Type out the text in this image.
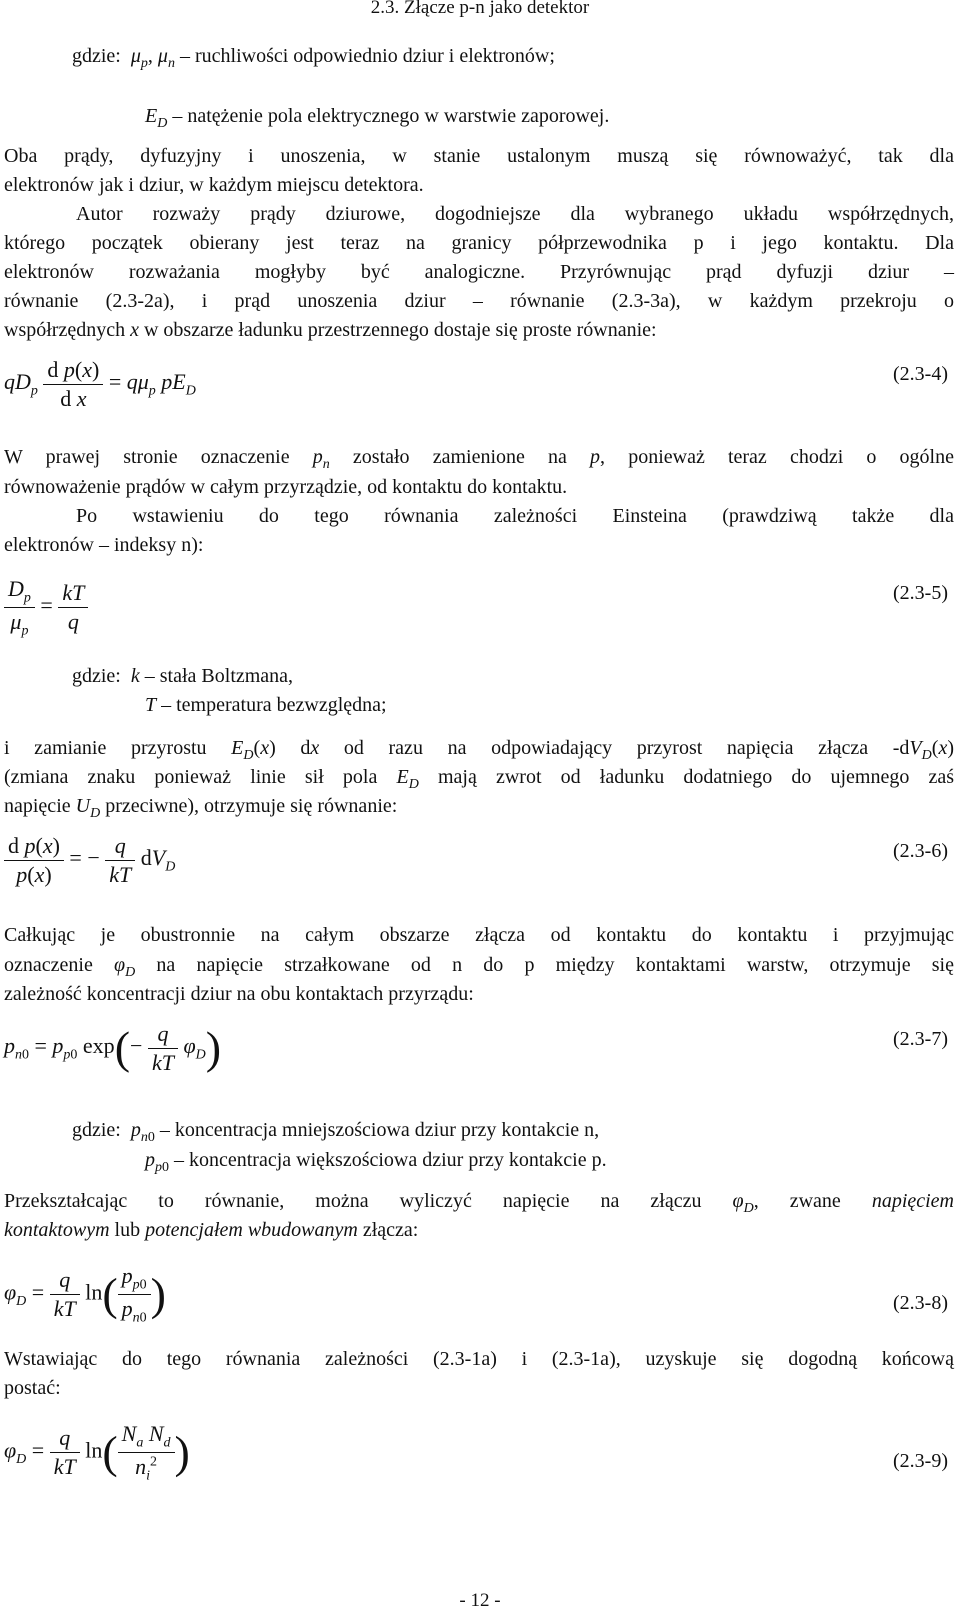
2.3. Złącze p-n jako detektor
gdzie:  $\mu_p$, $\mu_n$ – ruchliwości odpowiednio dziur i elektronów;
$E_D$ – natężenie pola elektrycznego w warstwie zaporowej.
Oba prądy, dyfuzyjny i unoszenia, w stanie ustalonym muszą się równoważyć, tak dla
elektronów jak i dziur, w każdym miejscu detektora.
Autor rozważy prądy dziurowe, dogodniejsze dla wybranego układu współrzędnych,
którego początek obierany jest teraz na granicy półprzewodnika p i jego kontaktu. Dla
elektronów rozważania mogłyby być analogiczne. Przyrównując prąd dyfuzji dziur –
równanie (2.3-2a), i prąd unoszenia dziur – równanie (2.3-3a), w każdym przekroju o
współrzędnych x w obszarze ładunku przestrzennego dostaje się proste równanie:
$qD_p \frac{\text{d p(x)}}{\text{d x}} = q\mu_p$ $pE_D$
(2.3-4)
W prawej stronie oznaczenie $p_n$ zostało zamienione na p, ponieważ teraz chodzi o ogólne
równoważenie prądów w całym przyrządzie, od kontaktu do kontaktu.
Po wstawieniu do tego równania zależności Einsteina (prawdziwą także dla
elektronów – indeksy n):
$\frac{D_p}{\mu_p} = \frac{kT}{q}$	(2.3-5)
gdzie:  k – stała Boltzmana,
T – temperatura bezwzględna;
i zamianie przyrostu $E_D(x)$ dx od razu na odpowiadający przyrost napięcia złącza $-dV_D(x)$
(zmiana znaku ponieważ linie sił pola $E_D$ mają zwrot od ładunku dodatniego do ujemnego zaś
napięcie $U_D$ przeciwne), otrzymuje się równanie:
$\frac{\text{d p(x)}}{p(x)}$ = − $\frac{q}{kT} dV_D$
(2.3-6)
Całkując je obustronnie na całym obszarze złącza od kontaktu do kontaktu i przyjmując
oznaczenie $\varphi_D$ na napięcie strzałkowane od n do p między kontaktami warstw, otrzymuje się
zależność koncentracji dziur na obu kontaktach przyrządu:
$p_{n0} = p_{p0}$ $\exp(- \frac{q}{kT} \varphi_D)$	(2.3-7)
gdzie:  $p_{n0}$ – koncentracja mniejszościowa dziur przy kontakcie n,
$p_{p0}$ – koncentracja większościowa dziur przy kontakcie p.
Przekształcając to równanie, można wyliczyć napięcie na złączu $\varphi_D$, zwane napięciem
kontaktowym lub potencjałem wbudowanym złącza:
$\varphi_D = \frac{q}{kT} \ln( \frac{p_{p0}}{p_{n0}}$ )	(2.3-8)
Wstawiając do tego równania zależności (2.3-1a) i (2.3-1a), uzyskuje się dogodną końcową
postać:
$\varphi_D = \frac{q}{kT} \ln( \frac{N_a N_d}{n_i^2}$ )	(2.3-9)
- 12 -
